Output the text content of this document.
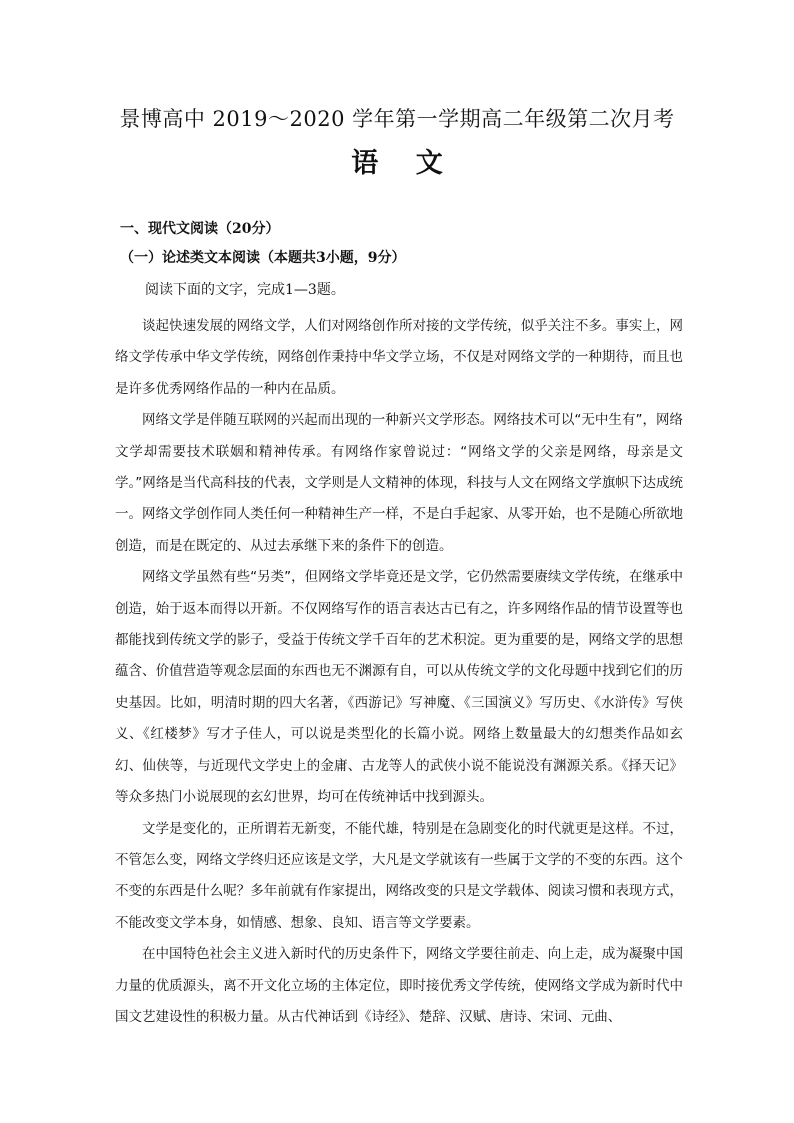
景博高中 2019～2020 学年第一学期高二年级第二次月考
语 文
一、现代文阅读（20分）
（一）论述类文本阅读（本题共3小题，9分）
阅读下面的文字，完成1—3题。

谈起快速发展的网络文学，人们对网络创作所对接的文学传统，似乎关注不多。事实上，网络文学传承中华文学传统，网络创作秉持中华文学立场，不仅是对网络文学的一种期待，而且也是许多优秀网络作品的一种内在品质。

网络文学是伴随互联网的兴起而出现的一种新兴文学形态。网络技术可以“无中生有”，网络文学却需要技术联姻和精神传承。有网络作家曾说过：“网络文学的父亲是网络，母亲是文学。”网络是当代高科技的代表，文学则是人文精神的体现，科技与人文在网络文学旗帜下达成统一。网络文学创作同人类任何一种精神生产一样，不是白手起家、从零开始，也不是随心所欲地创造，而是在既定的、从过去承继下来的条件下的创造。

网络文学虽然有些“另类”，但网络文学毕竟还是文学，它仍然需要赓续文学传统，在继承中创造，始于返本而得以开新。不仅网络写作的语言表达古已有之，许多网络作品的情节设置等也都能找到传统文学的影子，受益于传统文学千百年的艺术积淀。更为重要的是，网络文学的思想蕴含、价值营造等观念层面的东西也无不渊源有自，可以从传统文学的文化母题中找到它们的历史基因。比如，明清时期的四大名著，《西游记》写神魔、《三国演义》写历史、《水浒传》写侠义、《红楼梦》写才子佳人，可以说是类型化的长篇小说。网络上数量最大的幻想类作品如玄幻、仙侠等，与近现代文学史上的金庸、古龙等人的武侠小说不能说没有渊源关系。《择天记》等众多热门小说展现的玄幻世界，均可在传统神话中找到源头。

文学是变化的，正所谓若无新变，不能代雄，特别是在急剧变化的时代就更是这样。不过，不管怎么变，网络文学终归还应该是文学，大凡是文学就该有一些属于文学的不变的东西。这个不变的东西是什么呢？多年前就有作家提出，网络改变的只是文学载体、阅读习惯和表现方式，不能改变文学本身，如情感、想象、良知、语言等文学要素。

在中国特色社会主义进入新时代的历史条件下，网络文学要往前走、向上走，成为凝聚中国力量的优质源头，离不开文化立场的主体定位，即时接优秀文学传统，使网络文学成为新时代中国文艺建设性的积极力量。从古代神话到《诗经》、楚辞、汉赋、唐诗、宋词、元曲、
